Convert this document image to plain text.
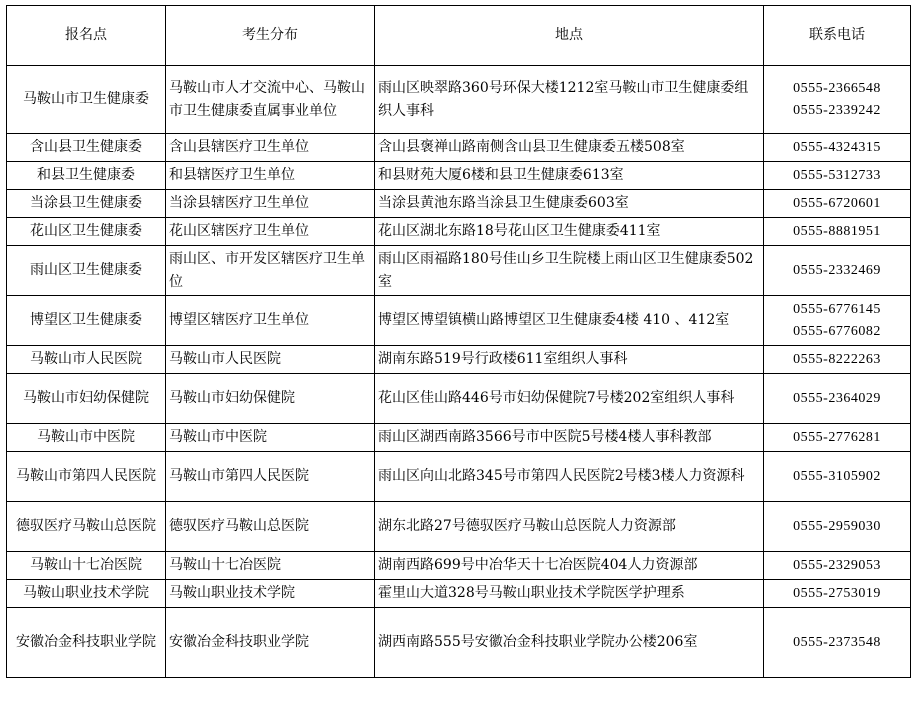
报名点	考生分布	地点	联系电话
马鞍山市卫生健康委	马鞍山市人才交流中心、马鞍山市卫生健康委直属事业单位	雨山区映翠路360号环保大楼1212室马鞍山市卫生健康委组织人事科	0555-2366548
0555-2339242

含山县卫生健康委	含山县辖医疗卫生单位	含山县褒禅山路南侧含山县卫生健康委五楼508室	0555-4324315

和县卫生健康委	和县辖医疗卫生单位	和县财苑大厦6楼和县卫生健康委613室	0555-5312733

当涂县卫生健康委	当涂县辖医疗卫生单位	当涂县黄池东路当涂县卫生健康委603室	0555-6720601

花山区卫生健康委	花山区辖医疗卫生单位	花山区湖北东路18号花山区卫生健康委411室	0555-8881951

雨山区卫生健康委	雨山区、市开发区辖医疗卫生单位	雨山区雨福路180号佳山乡卫生院楼上雨山区卫生健康委502室	0555-2332469

博望区卫生健康委	博望区辖医疗卫生单位	博望区博望镇横山路博望区卫生健康委4楼 410 、412室	0555-6776145
0555-6776082

马鞍山市人民医院	马鞍山市人民医院	湖南东路519号行政楼611室组织人事科	0555-8222263

马鞍山市妇幼保健院	马鞍山市妇幼保健院	花山区佳山路446号市妇幼保健院7号楼202室组织人事科	0555-2364029

马鞍山市中医院	马鞍山市中医院	雨山区湖西南路3566号市中医院5号楼4楼人事科教部	0555-2776281

马鞍山市第四人民医院	马鞍山市第四人民医院	雨山区向山北路345号市第四人民医院2号楼3楼人力资源科	0555-3105902

德驭医疗马鞍山总医院	德驭医疗马鞍山总医院	湖东北路27号德驭医疗马鞍山总医院人力资源部	0555-2959030

马鞍山十七冶医院	马鞍山十七冶医院	湖南西路699号中冶华天十七冶医院404人力资源部	0555-2329053

马鞍山职业技术学院	马鞍山职业技术学院	霍里山大道328号马鞍山职业技术学院医学护理系	0555-2753019

安徽冶金科技职业学院	安徽冶金科技职业学院	湖西南路555号安徽冶金科技职业学院办公楼206室	0555-2373548
